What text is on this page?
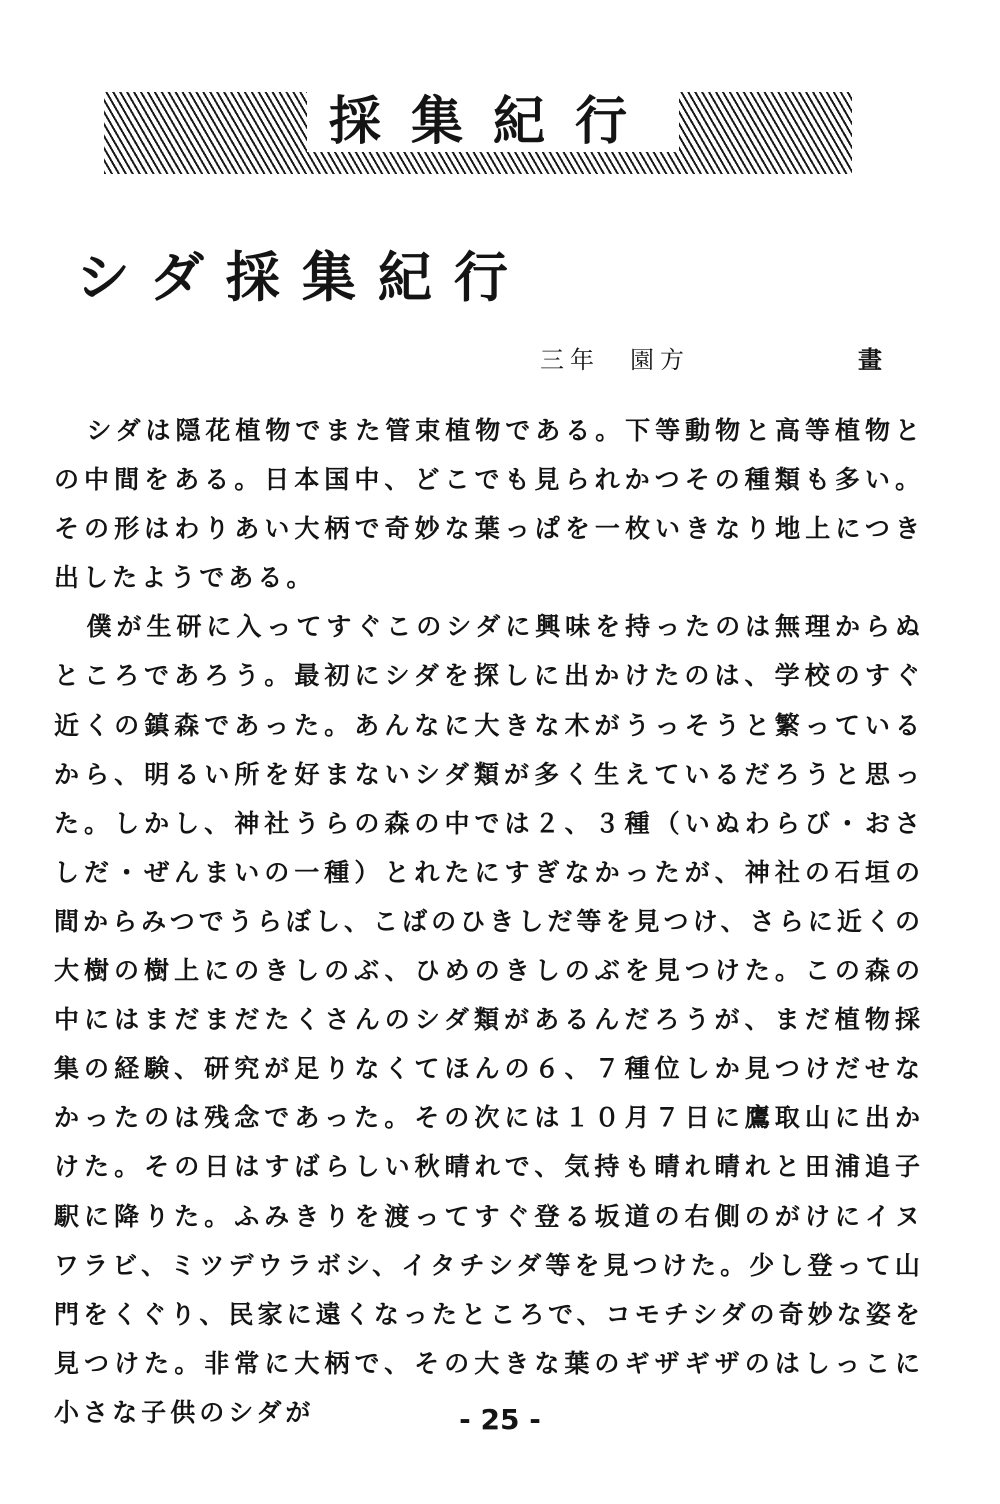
採集紀行
シダ採集紀行
三年　園方	畫

シダは隠花植物でまた管束植物である。下等動物と高等植物との中間をある。日本国中、どこでも見られかつその種類も多い。その形はわりあい大柄で奇妙な葉っぱを一枚いきなり地上につき出したようである。

僕が生研に入ってすぐこのシダに興味を持ったのは無理からぬところであろう。最初にシダを探しに出かけたのは、学校のすぐ近くの鎮森であった。あんなに大きな木がうっそうと繁っているから、明るい所を好まないシダ類が多く生えているだろうと思った。しかし、神社うらの森の中では２、３種（いぬわらび・おさしだ・ぜんまいの一種）とれたにすぎなかったが、神社の石垣の間からみつでうらぼし、こばのひきしだ等を見つけ、さらに近くの大樹の樹上にのきしのぶ、ひめのきしのぶを見つけた。この森の中にはまだまだたくさんのシダ類があるんだろうが、まだ植物採集の経験、研究が足りなくてほんの６、７種位しか見つけだせなかったのは残念であった。その次には１０月７日に鷹取山に出かけた。その日はすばらしい秋晴れで、気持も晴れ晴れと田浦追子駅に降りた。ふみきりを渡ってすぐ登る坂道の右側のがけにイヌワラビ、ミツデウラボシ、イタチシダ等を見つけた。少し登って山門をくぐり、民家に遠くなったところで、コモチシダの奇妙な姿を見つけた。非常に大柄で、その大きな葉のギザギザのはしっこに小さな子供のシダが	- 25 -
